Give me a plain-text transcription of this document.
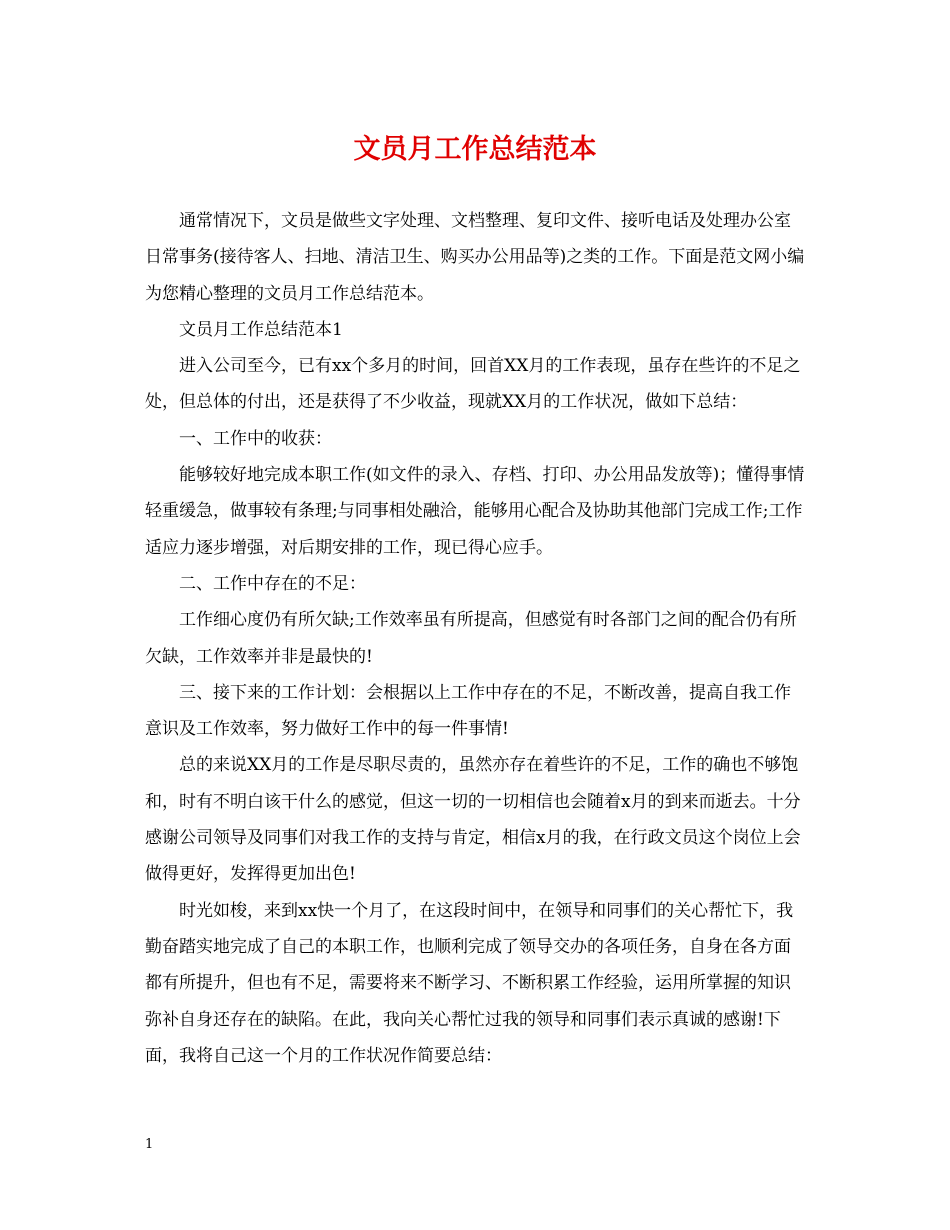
文员月工作总结范本

通常情况下，文员是做些文字处理、文档整理、复印文件、接听电话及处理办公室日常事务(接待客人、扫地、清洁卫生、购买办公用品等)之类的工作。下面是范文网小编为您精心整理的文员月工作总结范本。

文员月工作总结范本1

进入公司至今，已有xx个多月的时间，回首XX月的工作表现，虽存在些许的不足之处，但总体的付出，还是获得了不少收益，现就XX月的工作状况，做如下总结：

一、工作中的收获：

能够较好地完成本职工作(如文件的录入、存档、打印、办公用品发放等)；懂得事情轻重缓急，做事较有条理;与同事相处融洽，能够用心配合及协助其他部门完成工作;工作适应力逐步增强，对后期安排的工作，现已得心应手。

二、工作中存在的不足：

工作细心度仍有所欠缺;工作效率虽有所提高，但感觉有时各部门之间的配合仍有所欠缺，工作效率并非是最快的!

三、接下来的工作计划：会根据以上工作中存在的不足，不断改善，提高自我工作意识及工作效率，努力做好工作中的每一件事情!

总的来说XX月的工作是尽职尽责的，虽然亦存在着些许的不足，工作的确也不够饱和，时有不明白该干什么的感觉，但这一切的一切相信也会随着x月的到来而逝去。十分感谢公司领导及同事们对我工作的支持与肯定，相信x月的我，在行政文员这个岗位上会做得更好，发挥得更加出色!

时光如梭，来到xx快一个月了，在这段时间中，在领导和同事们的关心帮忙下，我勤奋踏实地完成了自己的本职工作，也顺利完成了领导交办的各项任务，自身在各方面都有所提升，但也有不足，需要将来不断学习、不断积累工作经验，运用所掌握的知识弥补自身还存在的缺陷。在此，我向关心帮忙过我的领导和同事们表示真诚的感谢!下面，我将自己这一个月的工作状况作简要总结：

1
